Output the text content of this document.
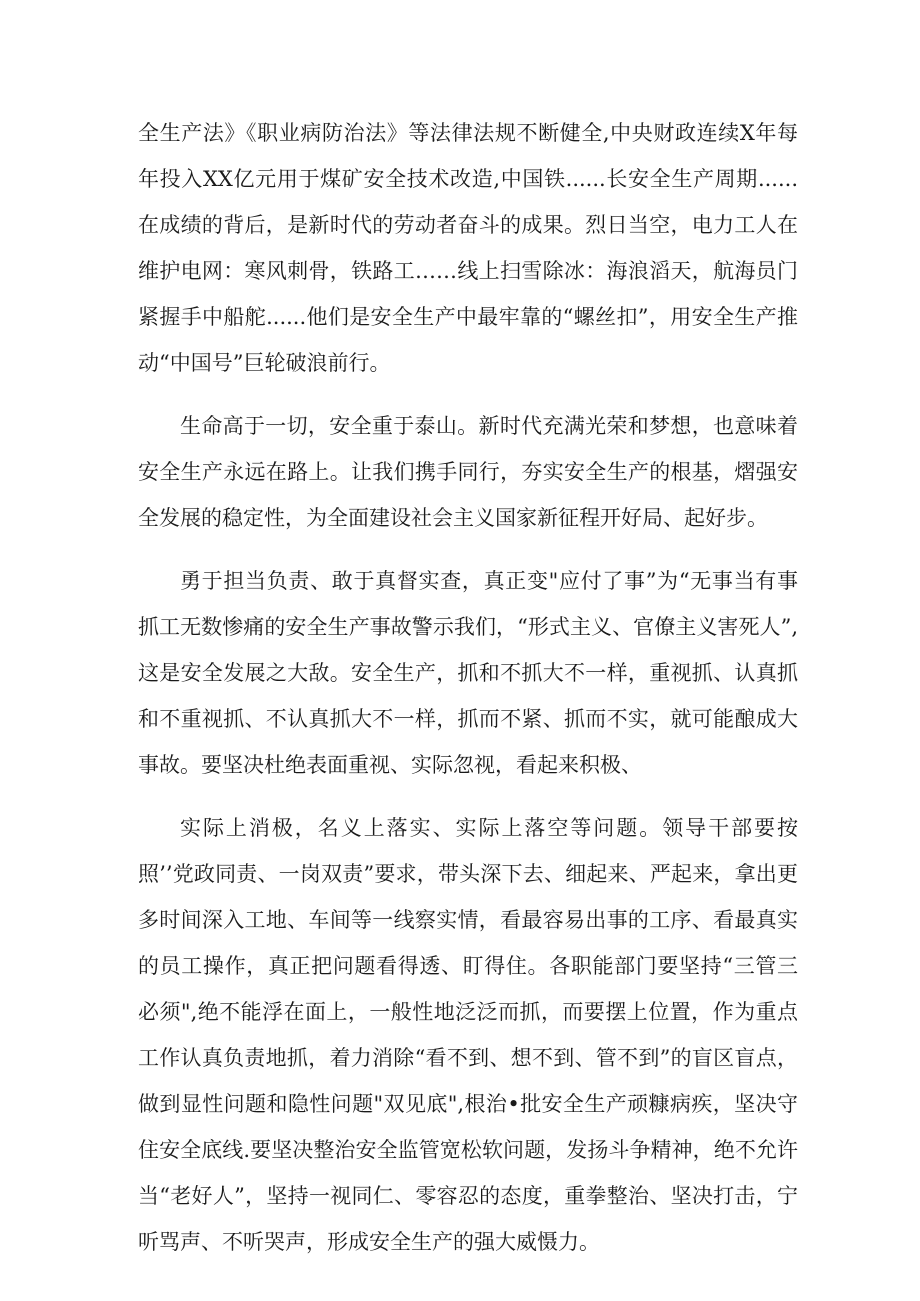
全生产法》《职业病防治法》等法律法规不断健全,中央财政连续X年每年投入XX亿元用于煤矿安全技术改造,中国铁......长安全生产周期......在成绩的背后，是新时代的劳动者奋斗的成果。烈日当空，电力工人在维护电网：寒风刺骨，铁路工……线上扫雪除冰：海浪滔天，航海员门紧握手中船舵......他们是安全生产中最牢靠的“螺丝扣”，用安全生产推动“中国号”巨轮破浪前行。

生命高于一切，安全重于泰山。新时代充满光荣和梦想，也意味着安全生产永远在路上。让我们携手同行，夯实安全生产的根基，熠强安全发展的稳定性，为全面建设社会主义国家新征程开好局、起好步。

勇于担当负责、敢于真督实查，真正变"应付了事”为“无事当有事抓工无数惨痛的安全生产事故警示我们，“形式主义、官僚主义害死人”,这是安全发展之大敌。安全生产，抓和不抓大不一样，重视抓、认真抓和不重视抓、不认真抓大不一样，抓而不紧、抓而不实，就可能酿成大事故。要坚决杜绝表面重视、实际忽视，看起来积极、

实际上消极，名义上落实、实际上落空等问题。领导干部要按照’’党政同责、一岗双责”要求，带头深下去、细起来、严起来，拿出更多时间深入工地、车间等一线察实情，看最容易出事的工序、看最真实的员工操作，真正把问题看得透、盯得住。各职能部门要坚持“三管三必须",绝不能浮在面上，一般性地泛泛而抓，而要摆上位置，作为重点工作认真负责地抓，着力消除“看不到、想不到、管不到”的盲区盲点，做到显性问题和隐性问题"双见底",根治•批安全生产顽糠病疾，坚决守住安全底线.要坚决整治安全监管宽松软问题，发扬斗争精神，绝不允许当“老好人”，坚持一视同仁、零容忍的态度，重拳整治、坚决打击，宁听骂声、不听哭声，形成安全生产的强大威慑力。
